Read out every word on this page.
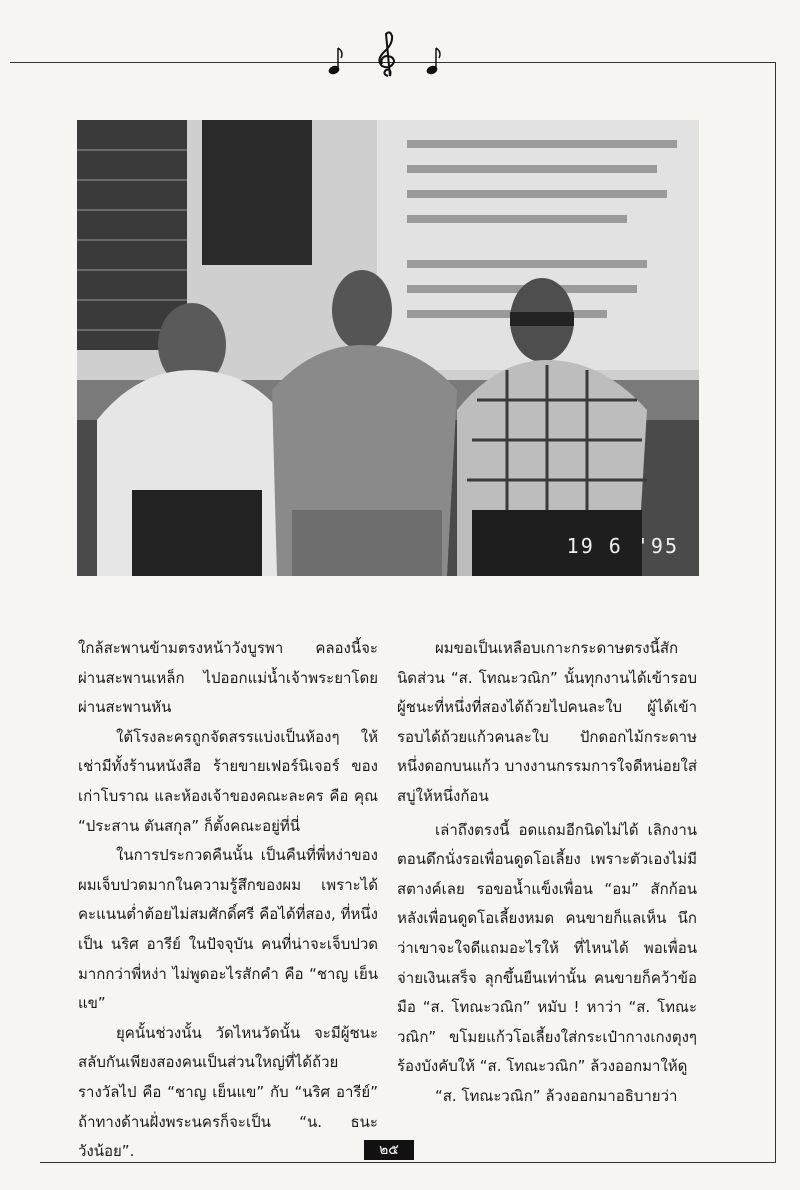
19 6 '95

ใกล้สะพานข้ามตรงหน้าวังบูรพา คลองนี้จะผ่านสะพานเหล็ก ไปออกแม่น้ำเจ้าพระยาโดยผ่านสะพานหัน

ใต้โรงละครถูกจัดสรรแบ่งเป็นห้องๆ ให้เช่ามีทั้งร้านหนังสือ ร้ายขายเฟอร์นิเจอร์ ของเก่าโบราณ และห้องเจ้าของคณะละคร คือ คุณ “ประสาน ตันสกุล” ก็ตั้งคณะอยู่ที่นี่

ในการประกวดคืนนั้น เป็นคืนที่พี่หง่าของผมเจ็บปวดมากในความรู้สึกของผม เพราะได้คะแนนต่ำต้อยไม่สมศักดิ์ศรี คือได้ที่สอง, ที่หนึ่งเป็น นริศ อารีย์ ในปัจจุบัน คนที่น่าจะเจ็บปวดมากกว่าพี่หง่า ไม่พูดอะไรสักคำ คือ “ชาญ เย็นแข”

ยุคนั้นช่วงนั้น วัดไหนวัดนั้น จะมีผู้ชนะสลับกันเพียงสองคนเป็นส่วนใหญ่ที่ได้ถ้วยรางวัลไป คือ “ชาญ เย็นแข” กับ “นริศ อารีย์” ถ้าทางด้านฝั่งพระนครก็จะเป็น “น. ธนะวังน้อย”.

ผมขอเป็นเหลือบเกาะกระดาษตรงนี้สักนิดส่วน “ส. โทณะวณิก” นั้นทุกงานได้เข้ารอบผู้ชนะที่หนึ่งที่สองได้ถ้วยไปคนละใบ ผู้ได้เข้ารอบได้ถ้วยแก้วคนละใบ ปักดอกไม้กระดาษหนึ่งดอกบนแก้ว บางงานกรรมการใจดีหน่อยใส่สบู่ให้หนึ่งก้อน

เล่าถึงตรงนี้ อดแถมอีกนิดไม่ได้ เลิกงานตอนดึกนั่งรอเพื่อนดูดโอเลี้ยง เพราะตัวเองไม่มีสตางค์เลย รอขอน้ำแข็งเพื่อน “อม” สักก้อนหลังเพื่อนดูดโอเลี้ยงหมด คนขายก็แลเห็น นึกว่าเขาจะใจดีแถมอะไรให้ ที่ไหนได้ พอเพื่อนจ่ายเงินเสร็จ ลุกขึ้นยืนเท่านั้น คนขายก็คว้าข้อมือ “ส. โทณะวณิก” หมับ ! หาว่า “ส. โทณะวณิก” ขโมยแก้วโอเลี้ยงใส่กระเป๋ากางเกงตุงๆ ร้องบังคับให้ “ส. โทณะวณิก” ล้วงออกมาให้ดู

“ส. โทณะวณิก” ล้วงออกมาอธิบายว่า

๒๕
